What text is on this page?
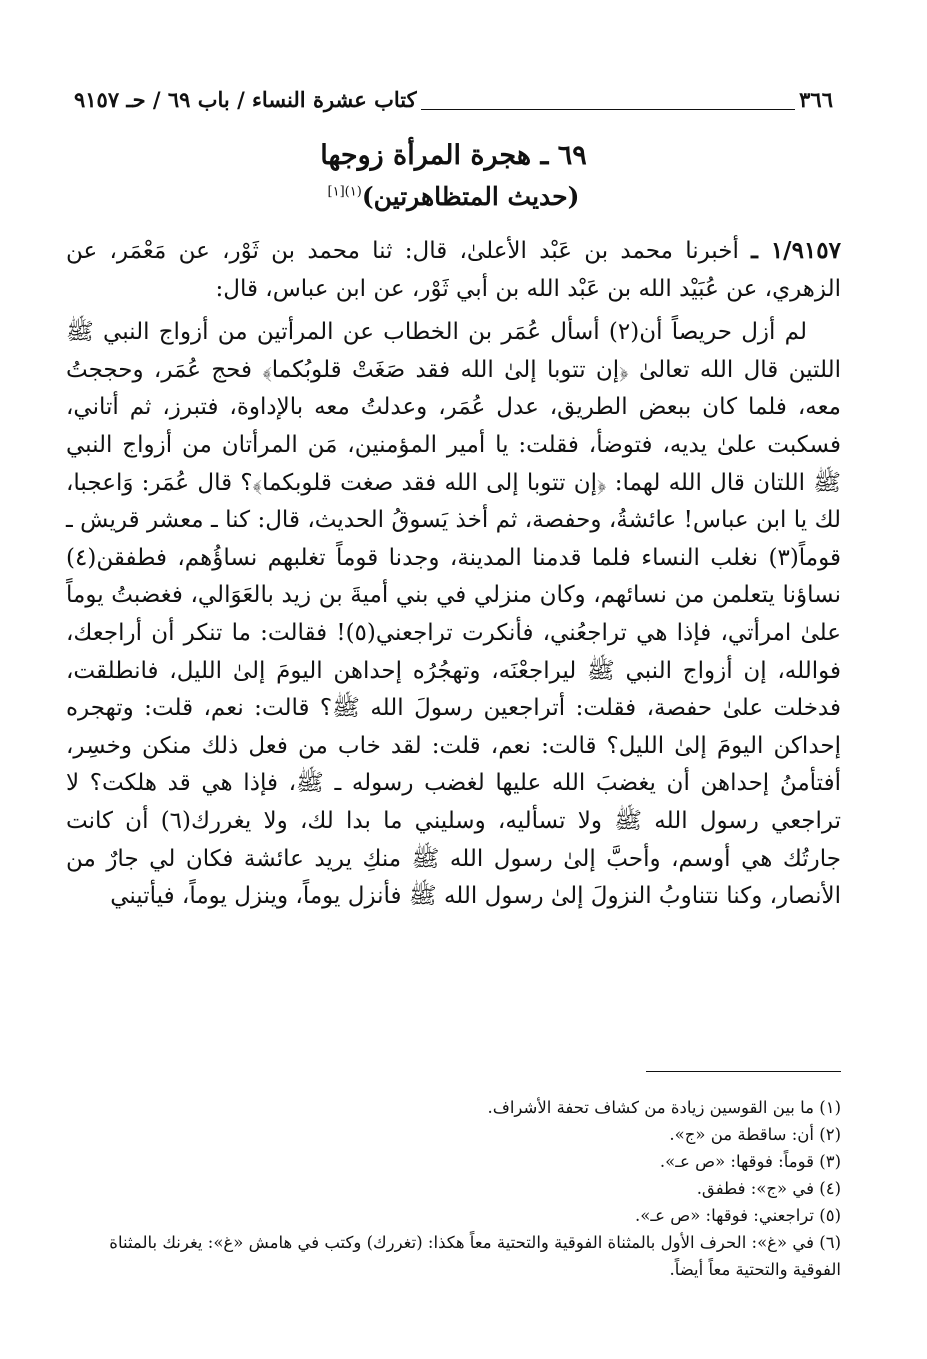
٣٦٦
كتاب عشرة النساء / باب ٦٩ / حـ ٩١٥٧
٦٩ ـ هجرة المرأة زوجها
(حديث المتظاهرتين)$^{(١)[١]}$

١/٩١٥٧ ـ أخبرنا محمد بن عَبْد الأعلىٰ، قال: ثنا محمد بن ثَوْر، عن مَعْمَر، عن الزهري، عن عُبَيْد الله بن عَبْد الله بن أبي ثَوْر، عن ابن عباس، قال:

لم أزل حريصاً أن(٢) أسأل عُمَر بن الخطاب عن المرأتين من أزواج النبي ﷺ اللتين قال الله تعالىٰ ﴿إن تتوبا إلىٰ الله فقد صَغَتْ قلوبُكما﴾ فحج عُمَر، وحججتُ معه، فلما كان ببعض الطريق، عدل عُمَر، وعدلتُ معه بالإداوة، فتبرز، ثم أتاني، فسكبت علىٰ يديه، فتوضأ، فقلت: يا أمير المؤمنين، مَن المرأتان من أزواج النبي ﷺ اللتان قال الله لهما: ﴿إن تتوبا إلى الله فقد صغت قلوبكما﴾؟ قال عُمَر: وَاعجبا، لك يا ابن عباس! عائشةُ، وحفصة، ثم أخذ يَسوقُ الحديث، قال: كنا ـ معشر قريش ـ قوماً(٣) نغلب النساء فلما قدمنا المدينة، وجدنا قوماً تغلبهم نساؤُهم، فطفقن(٤) نساؤنا يتعلمن من نسائهم، وكان منزلي في بني أميةَ بن زيد بالعَوَالي، فغضبتُ يوماً علىٰ امرأتي، فإذا هي تراجعُني، فأنكرت تراجعني(٥)! فقالت: ما تنكر أن أراجعك، فوالله، إن أزواج النبي ﷺ ليراجعْنَه، وتهجُرُه إحداهن اليومَ إلىٰ الليل، فانطلقت، فدخلت علىٰ حفصة، فقلت: أتراجعين رسولَ الله ﷺ؟ قالت: نعم، قلت: وتهجره إحداكن اليومَ إلىٰ الليل؟ قالت: نعم، قلت: لقد خاب من فعل ذلك منكن وخسِر، أفتأمنُ إحداهن أن يغضبَ الله عليها لغضب رسوله ـ ﷺ، فإذا هي قد هلكت؟ لا تراجعي رسول الله ﷺ ولا تسأليه، وسليني ما بدا لك، ولا يغررك(٦) أن كانت جارتُك هي أوسم، وأحبَّ إلىٰ رسول الله ﷺ منكِ يريد عائشة فكان لي جارٌ من الأنصار، وكنا نتناوبُ النزولَ إلىٰ رسول الله ﷺ فأنزل يوماً، وينزل يوماً، فيأتيني

(١) ما بين القوسين زيادة من كشاف تحفة الأشراف.
(٢) أن: ساقطة من «ج».
(٣) قوماً: فوقها: «ص عـ».
(٤) في «ج»: فطفق.
(٥) تراجعني: فوقها: «ص عـ».
(٦) في «غ»: الحرف الأول بالمثناة الفوقية والتحتية معاً هكذا: (تغررك) وكتب في هامش «غ»: يغرنك بالمثناة الفوقية والتحتية معاً أيضاً.
